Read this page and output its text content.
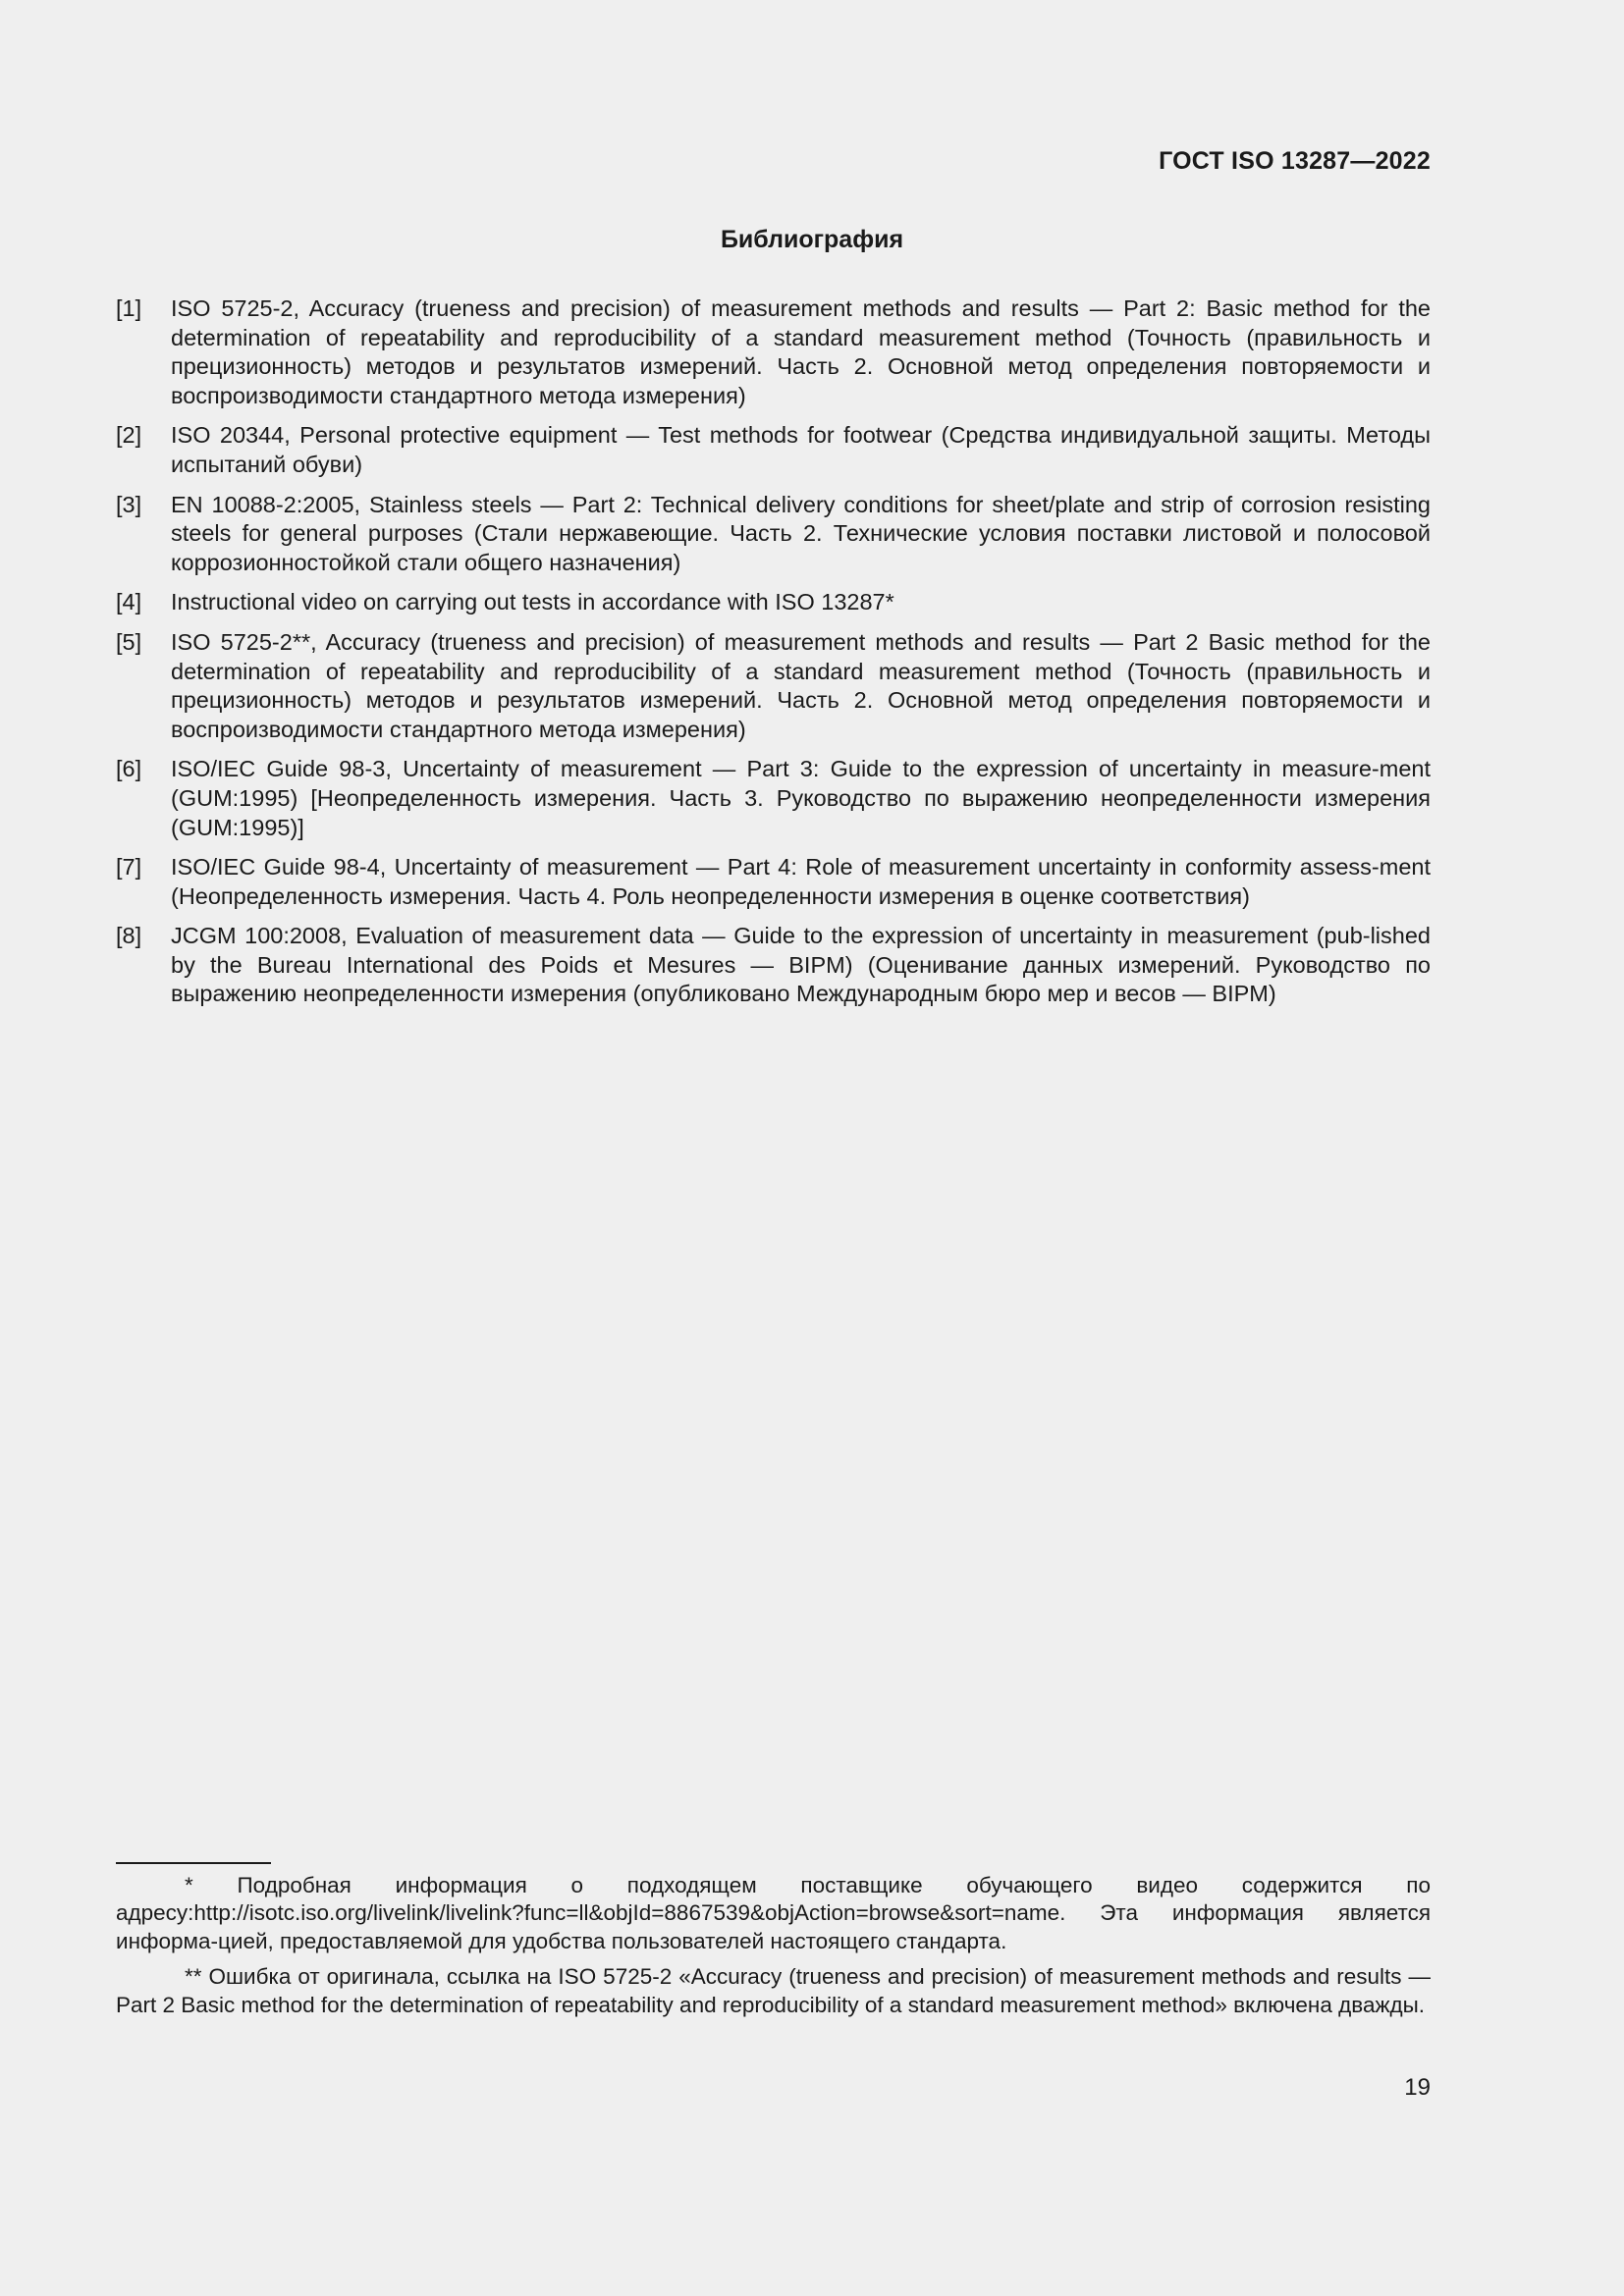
ГОСТ ISO 13287—2022
Библиография
[1] ISO 5725-2, Accuracy (trueness and precision) of measurement methods and results — Part 2: Basic method for the determination of repeatability and reproducibility of a standard measurement method (Точность (правильность и прецизионность) методов и результатов измерений. Часть 2. Основной метод определения повторяемости и воспроизводимости стандартного метода измерения)
[2] ISO 20344, Personal protective equipment — Test methods for footwear (Средства индивидуальной защиты. Методы испытаний обуви)
[3] EN 10088-2:2005, Stainless steels — Part 2: Technical delivery conditions for sheet/plate and strip of corrosion resisting steels for general purposes (Стали нержавеющие. Часть 2. Технические условия поставки листовой и полосовой коррозионностойкой стали общего назначения)
[4] Instructional video on carrying out tests in accordance with ISO 13287*
[5] ISO 5725-2**, Accuracy (trueness and precision) of measurement methods and results — Part 2 Basic method for the determination of repeatability and reproducibility of a standard measurement method (Точность (правильность и прецизионность) методов и результатов измерений. Часть 2. Основной метод определения повторяемости и воспроизводимости стандартного метода измерения)
[6] ISO/IEC Guide 98-3, Uncertainty of measurement — Part 3: Guide to the expression of uncertainty in measure-ment (GUM:1995) [Неопределенность измерения. Часть 3. Руководство по выражению неопределенности измерения (GUM:1995)]
[7] ISO/IEC Guide 98-4, Uncertainty of measurement — Part 4: Role of measurement uncertainty in conformity assess-ment (Неопределенность измерения. Часть 4. Роль неопределенности измерения в оценке соответствия)
[8] JCGM 100:2008, Evaluation of measurement data — Guide to the expression of uncertainty in measurement (pub-lished by the Bureau International des Poids et Mesures — BIPM) (Оценивание данных измерений. Руководство по выражению неопределенности измерения (опубликовано Международным бюро мер и весов — BIPM)

* Подробная информация о подходящем поставщике обучающего видео содержится по адресу:http://isotc.iso.org/livelink/livelink?func=ll&objId=8867539&objAction=browse&sort=name. Эта информация является информа-цией, предоставляемой для удобства пользователей настоящего стандарта.

** Ошибка от оригинала, ссылка на ISO 5725-2 «Accuracy (trueness and precision) of measurement methods and results — Part 2 Basic method for the determination of repeatability and reproducibility of a standard measurement method» включена дважды.

19
